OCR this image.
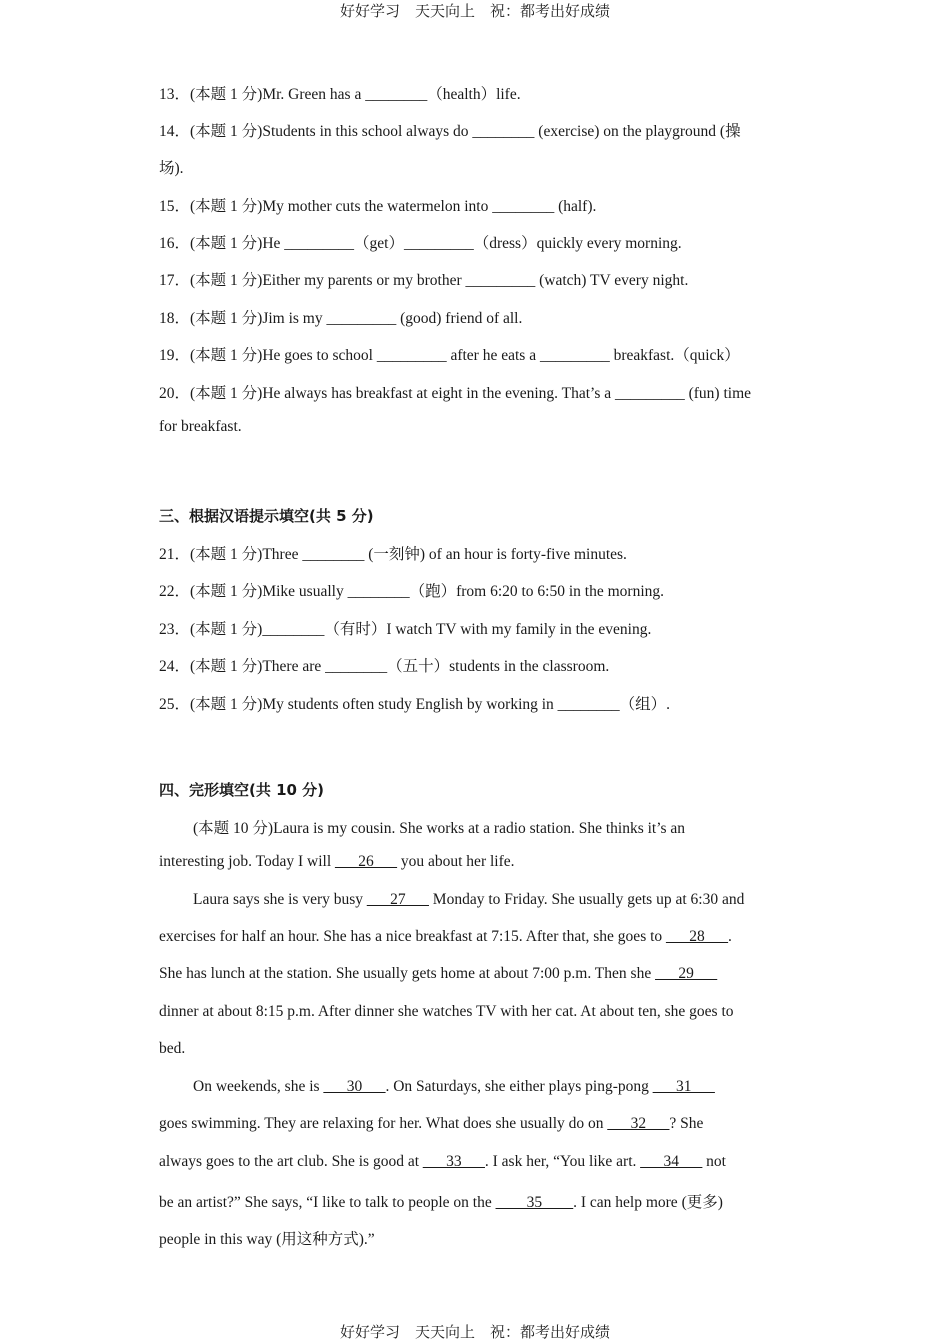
好好学习　天天向上　祝：都考出好成绩
13．(本题 1 分)Mr. Green has a ________（health）life.
14．(本题 1 分)Students in this school always do ________ (exercise) on the playground (操
场).
15．(本题 1 分)My mother cuts the watermelon into ________ (half).
16．(本题 1 分)He _________（get）_________（dress）quickly every morning.
17．(本题 1 分)Either my parents or my brother _________ (watch) TV every night.
18．(本题 1 分)Jim is my _________ (good) friend of all.
19．(本题 1 分)He goes to school _________ after he eats a _________ breakfast.（quick）
20．(本题 1 分)He always has breakfast at eight in the evening. That’s a _________ (fun) time
for breakfast.
三、根据汉语提示填空(共 5 分)
21．(本题 1 分)Three ________ (一刻钟) of an hour is forty-five minutes.
22．(本题 1 分)Mike usually ________（跑）from 6:20 to 6:50 in the morning.
23．(本题 1 分)________（有时）I watch TV with my family in the evening.
24．(本题 1 分)There are ________（五十）students in the classroom.
25．(本题 1 分)My students often study English by working in ________（组）.
四、完形填空(共 10 分)
(本题 10 分)Laura is my cousin. She works at a radio station. She thinks it’s an
interesting job. Today I will ___26___ you about her life.
Laura says she is very busy ___27___ Monday to Friday. She usually gets up at 6:30 and
exercises for half an hour. She has a nice breakfast at 7:15. After that, she goes to ___28___.
She has lunch at the station. She usually gets home at about 7:00 p.m. Then she ___29___
dinner at about 8:15 p.m. After dinner she watches TV with her cat. At about ten, she goes to
bed.
On weekends, she is ___30___. On Saturdays, she either plays ping-pong ___31___
goes swimming. They are relaxing for her. What does she usually do on ___32___? She
always goes to the art club. She is good at ___33___. I ask her, “You like art. ___34___ not
be an artist?” She says, “I like to talk to people on the ____35____. I can help more (更多)
people in this way (用这种方式).”
好好学习　天天向上　祝：都考出好成绩
